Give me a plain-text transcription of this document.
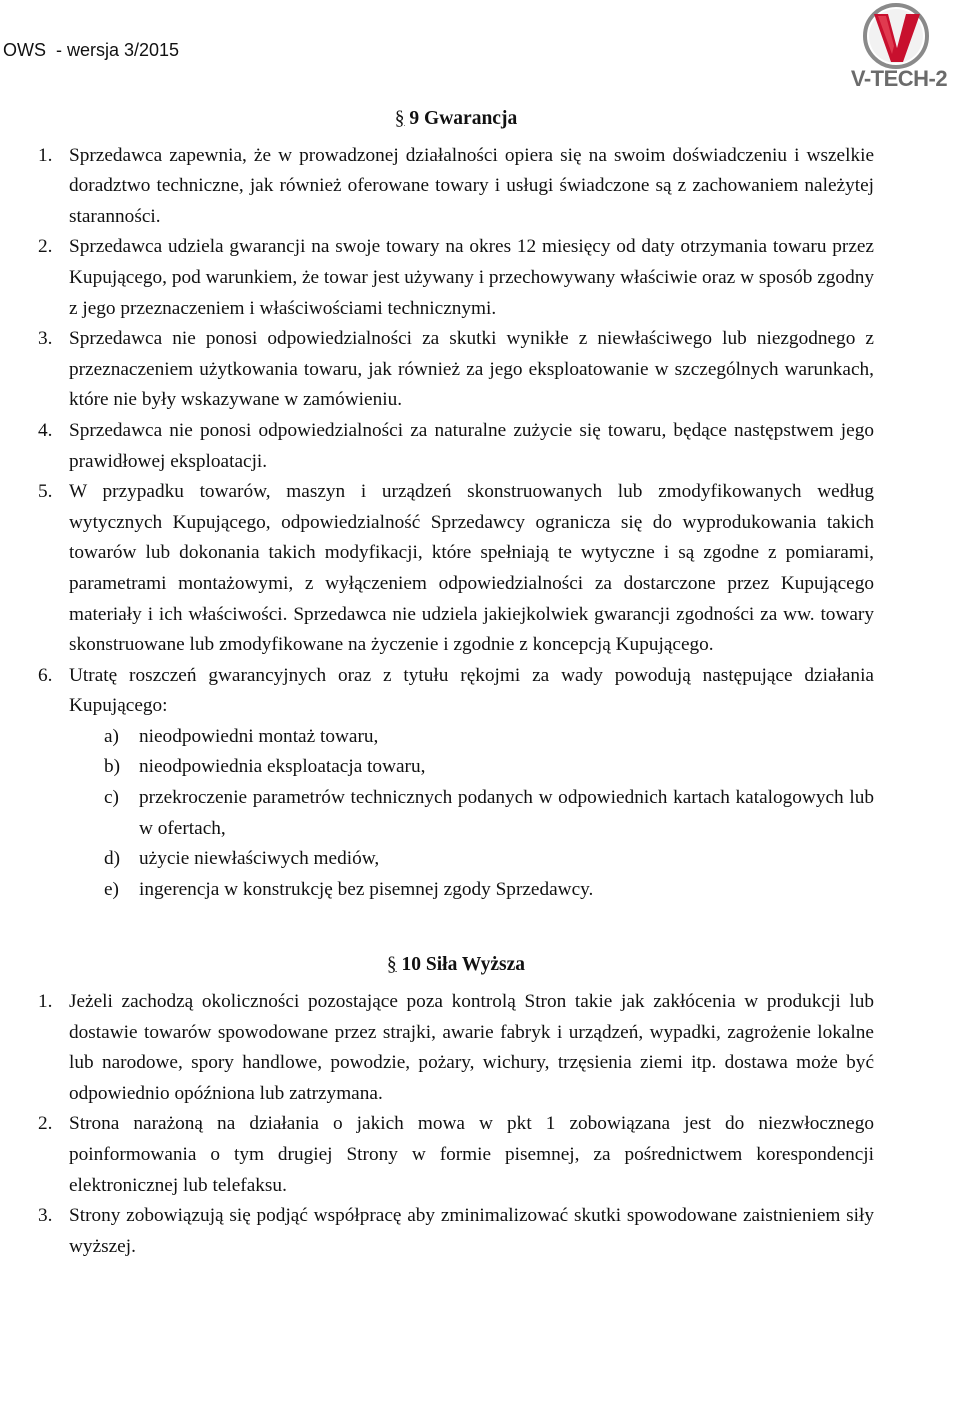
OWS  - wersja 3/2015
V-TECH-2
§ 9 Gwarancja
1. Sprzedawca zapewnia, że w prowadzonej działalności opiera się na swoim doświadczeniu i wszelkie doradztwo techniczne, jak również oferowane towary i usługi świadczone są z zachowaniem należytej staranności.
2. Sprzedawca udziela gwarancji na swoje towary na okres 12 miesięcy od daty otrzymania towaru przez Kupującego, pod warunkiem, że towar jest używany i przechowywany właściwie oraz w sposób zgodny z jego przeznaczeniem i właściwościami technicznymi.
3. Sprzedawca nie ponosi odpowiedzialności za skutki wynikłe z niewłaściwego lub niezgodnego z przeznaczeniem użytkowania towaru, jak również za jego eksploatowanie w szczególnych warunkach, które nie były wskazywane w zamówieniu.
4. Sprzedawca nie ponosi odpowiedzialności za naturalne zużycie się towaru, będące następstwem jego prawidłowej eksploatacji.
5. W przypadku towarów, maszyn i urządzeń skonstruowanych lub zmodyfikowanych według wytycznych Kupującego, odpowiedzialność Sprzedawcy ogranicza się do wyprodukowania takich towarów lub dokonania takich modyfikacji, które spełniają te wytyczne i są zgodne z pomiarami, parametrami montażowymi, z wyłączeniem odpowiedzialności za dostarczone przez Kupującego materiały i ich właściwości. Sprzedawca nie udziela jakiejkolwiek gwarancji zgodności za ww. towary skonstruowane lub zmodyfikowane na życzenie i zgodnie z koncepcją Kupującego.
6. Utratę roszczeń gwarancyjnych oraz z tytułu rękojmi za wady powodują następujące działania Kupującego:
a) nieodpowiedni montaż towaru,
b) nieodpowiednia eksploatacja towaru,
c) przekroczenie parametrów technicznych podanych w odpowiednich kartach katalogowych lub w ofertach,
d) użycie niewłaściwych mediów,
e) ingerencja w konstrukcję bez pisemnej zgody Sprzedawcy.
§ 10 Siła Wyższa
1. Jeżeli zachodzą okoliczności pozostające poza kontrolą Stron takie jak zakłócenia w produkcji lub dostawie towarów spowodowane przez strajki, awarie fabryk i urządzeń, wypadki, zagrożenie lokalne lub narodowe, spory handlowe, powodzie, pożary, wichury, trzęsienia ziemi itp. dostawa może być odpowiednio opóźniona lub zatrzymana.
2. Strona narażoną na działania o jakich mowa w pkt 1 zobowiązana jest do niezwłocznego poinformowania o tym drugiej Strony w formie pisemnej, za pośrednictwem korespondencji elektronicznej lub telefaksu.
3. Strony zobowiązują się podjąć współpracę aby zminimalizować skutki spowodowane zaistnieniem siły wyższej.
